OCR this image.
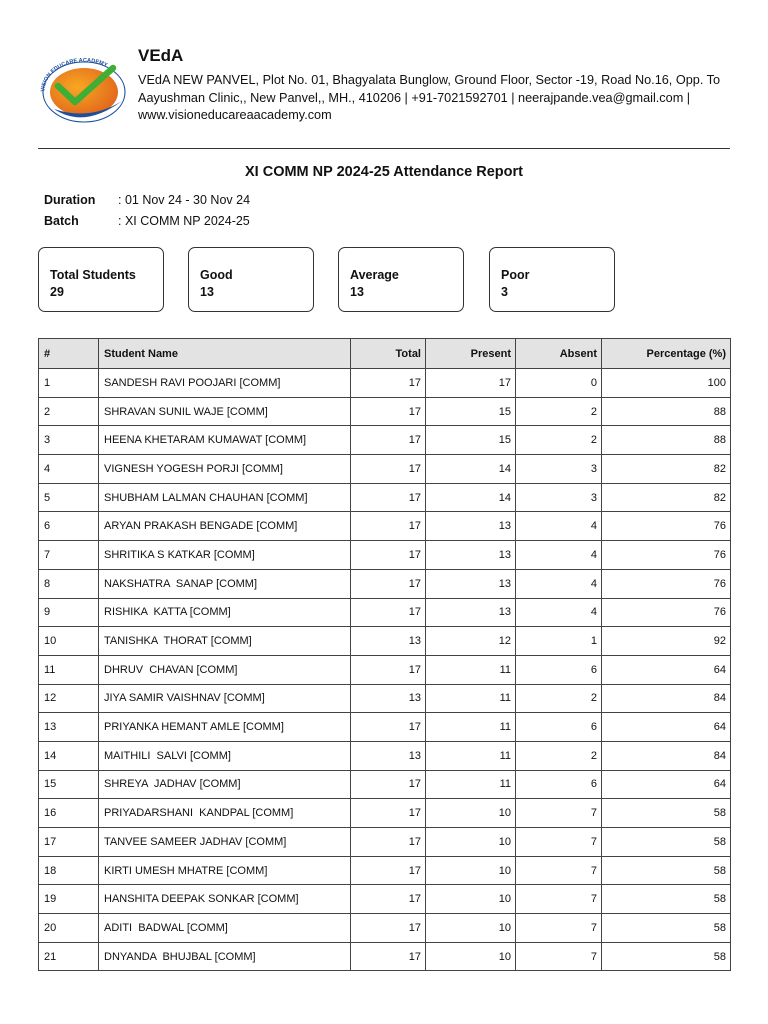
VISION EDUCARE ACADEMY
VEdA
VEdA NEW PANVEL, Plot No. 01, Bhagyalata Bunglow, Ground Floor, Sector -19, Road No.16, Opp. To
Aayushman Clinic,, New Panvel,, MH., 410206 | +91-7021592701 | neerajpande.vea@gmail.com |
www.visioneducareaacademy.com
XI COMM NP 2024-25 Attendance Report
Duration : 01 Nov 24 - 30 Nov 24
Batch	: XI COMM NP 2024-25
Total Students
29
Good
13
Average
13
Poor
3
#	Student Name	Total	Present	Absent	Percentage (%)
1	SANDESH RAVI POOJARI [COMM]	17	17	0	100
2	SHRAVAN SUNIL WAJE [COMM]	17	15	2	88
3	HEENA KHETARAM KUMAWAT [COMM]	17	15	2	88
4	VIGNESH YOGESH PORJI [COMM]	17	14	3	82
5	SHUBHAM LALMAN CHAUHAN [COMM]	17	14	3	82
6	ARYAN PRAKASH BENGADE [COMM]	17	13	4	76
7	SHRITIKA S KATKAR [COMM]	17	13	4	76
8	NAKSHATRA  SANAP [COMM]	17	13	4	76
9	RISHIKA  KATTA [COMM]	17	13	4	76
10	TANISHKA  THORAT [COMM]	13	12	1	92
11	DHRUV  CHAVAN [COMM]	17	11	6	64
12	JIYA SAMIR VAISHNAV [COMM]	13	11	2	84
13	PRIYANKA HEMANT AMLE [COMM]	17	11	6	64
14	MAITHILI  SALVI [COMM]	13	11	2	84
15	SHREYA  JADHAV [COMM]	17	11	6	64
16	PRIYADARSHANI  KANDPAL [COMM]	17	10	7	58
17	TANVEE SAMEER JADHAV [COMM]	17	10	7	58
18	KIRTI UMESH MHATRE [COMM]	17	10	7	58
19	HANSHITA DEEPAK SONKAR [COMM]	17	10	7	58
20	ADITI  BADWAL [COMM]	17	10	7	58
21	DNYANDA  BHUJBAL [COMM]	17	10	7	58
